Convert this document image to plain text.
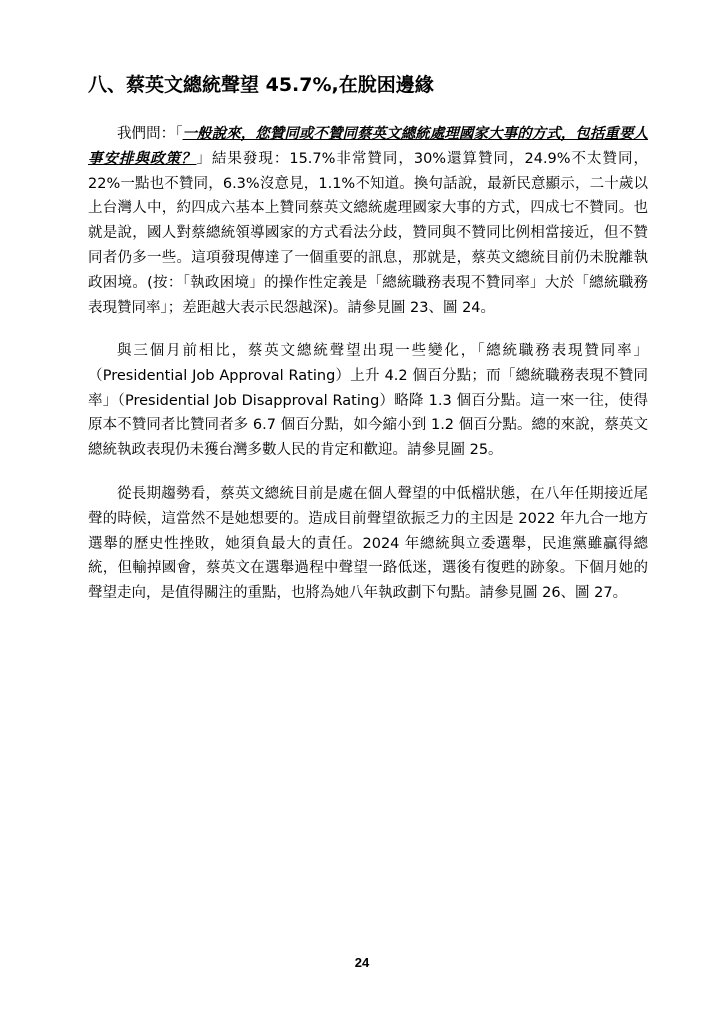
八、蔡英文總統聲望 45.7%,在脫困邊緣

我們問：「一般說來，您贊同或不贊同蔡英文總統處理國家大事的方式，包括重要人事安排與政策？」結果發現：15.7%非常贊同，30%還算贊同，24.9%不太贊同，22%一點也不贊同，6.3%沒意見，1.1%不知道。換句話說，最新民意顯示，二十歲以上台灣人中，約四成六基本上贊同蔡英文總統處理國家大事的方式，四成七不贊同。也就是說，國人對蔡總統領導國家的方式看法分歧，贊同與不贊同比例相當接近，但不贊同者仍多一些。這項發現傳達了一個重要的訊息，那就是，蔡英文總統目前仍未脫離執政困境。(按：「執政困境」的操作性定義是「總統職務表現不贊同率」大於「總統職務表現贊同率」；差距越大表示民怨越深)。請參見圖 23、圖 24。

與三個月前相比，蔡英文總統聲望出現一些變化，「總統職務表現贊同率」（Presidential Job Approval Rating）上升 4.2 個百分點；而「總統職務表現不贊同率」（Presidential Job Disapproval Rating）略降 1.3 個百分點。這一來一往，使得原本不贊同者比贊同者多 6.7 個百分點，如今縮小到 1.2 個百分點。總的來說，蔡英文總統執政表現仍未獲台灣多數人民的肯定和歡迎。請參見圖 25。

從長期趨勢看，蔡英文總統目前是處在個人聲望的中低檔狀態，在八年任期接近尾聲的時候，這當然不是她想要的。造成目前聲望欲振乏力的主因是 2022 年九合一地方選舉的歷史性挫敗，她須負最大的責任。2024 年總統與立委選舉，民進黨雖贏得總統，但輸掉國會，蔡英文在選舉過程中聲望一路低迷，選後有復甦的跡象。下個月她的聲望走向，是值得關注的重點，也將為她八年執政劃下句點。請參見圖 26、圖 27。

24
